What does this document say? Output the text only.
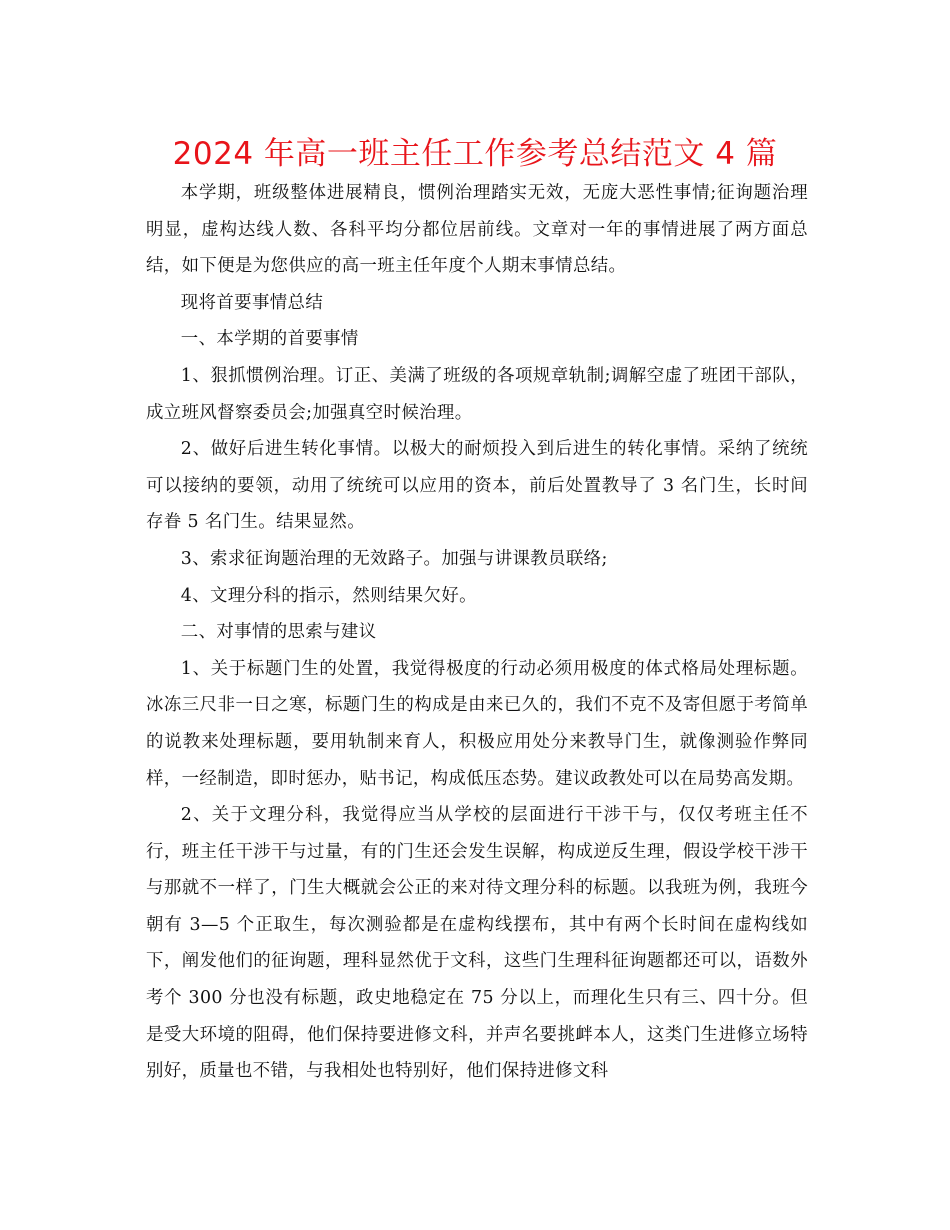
2024 年高一班主任工作参考总结范文 4 篇

本学期，班级整体进展精良，惯例治理踏实无效，无庞大恶性事情;征询题治理明显，虚构达线人数、各科平均分都位居前线。文章对一年的事情进展了两方面总结，如下便是为您供应的高一班主任年度个人期末事情总结。

现将首要事情总结

一、本学期的首要事情

1、狠抓惯例治理。订正、美满了班级的各项规章轨制;调解空虚了班团干部队，成立班风督察委员会;加强真空时候治理。

2、做好后进生转化事情。以极大的耐烦投入到后进生的转化事情。采纳了统统可以接纳的要领，动用了统统可以应用的资本，前后处置教导了 3 名门生，长时间存眷 5 名门生。结果显然。

3、索求征询题治理的无效路子。加强与讲课教员联络;

4、文理分科的指示，然则结果欠好。

二、对事情的思索与建议

1、关于标题门生的处置，我觉得极度的行动必须用极度的体式格局处理标题。冰冻三尺非一日之寒，标题门生的构成是由来已久的，我们不克不及寄但愿于考简单的说教来处理标题，要用轨制来育人，积极应用处分来教导门生，就像测验作弊同样，一经制造，即时惩办，贴书记，构成低压态势。建议政教处可以在局势高发期。

2、关于文理分科，我觉得应当从学校的层面进行干涉干与，仅仅考班主任不行，班主任干涉干与过量，有的门生还会发生误解，构成逆反生理，假设学校干涉干与那就不一样了，门生大概就会公正的来对待文理分科的标题。以我班为例，我班今朝有 3—5 个正取生，每次测验都是在虚构线摆布，其中有两个长时间在虚构线如下，阐发他们的征询题，理科显然优于文科，这些门生理科征询题都还可以，语数外考个 300 分也没有标题，政史地稳定在 75 分以上，而理化生只有三、四十分。但是受大环境的阻碍，他们保持要进修文科，并声名要挑衅本人，这类门生进修立场特别好，质量也不错，与我相处也特别好，他们保持进修文科
